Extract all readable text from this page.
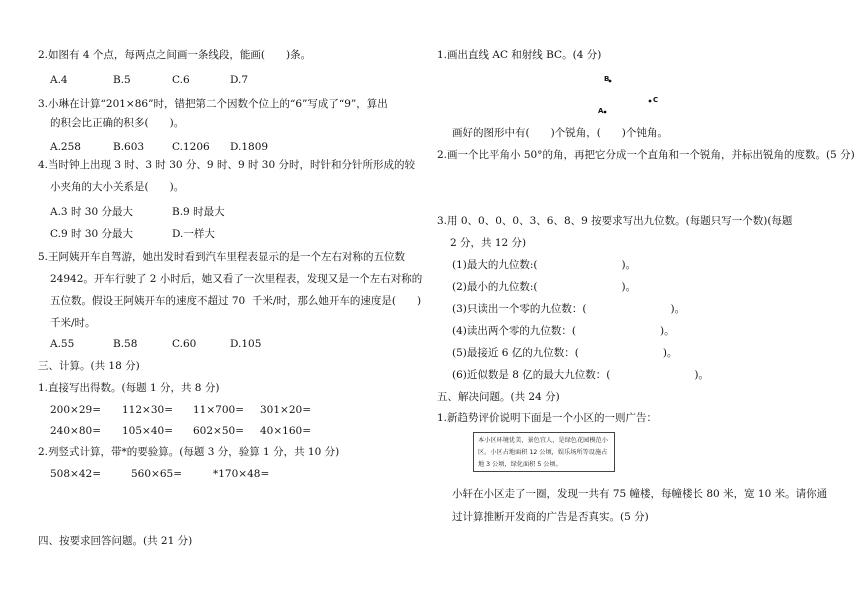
2.如图有 4 个点，每两点之间画一条线段，能画(　　)条。
A.4	B.5	C.6	D.7
3.小琳在计算“201×86”时，错把第二个因数个位上的“6”写成了“9”，算出
的积会比正确的积多(　　)。
A.258	B.603	C.1206 D.1809
4.当时钟上出现 3 时、3 时 30 分、9 时、9 时 30 分时，时针和分针所形成的较
小夹角的大小关系是(　　)。
A.3 时 30 分最大	B.9 时最大
C.9 时 30 分最大	D.一样大
5.王阿姨开车自驾游，她出发时看到汽车里程表显示的是一个左右对称的五位数
24942。开车行驶了 2 小时后，她又看了一次里程表，发现又是一个左右对称的
五位数。假设王阿姨开车的速度不超过 70  千米/时，那么她开车的速度是(　　)
千米/时。
A.55	B.58	C.60	D.105
三、计算。(共 18 分)
1.直接写出得数。(每题 1 分，共 8 分)
200×29= 112×30= 11×700= 301×20=
240×80= 105×40= 602×50= 40×160=
2.列竖式计算，带*的要验算。(每题 3 分，验算 1 分，共 10 分)
508×42=	560×65=	*170×48=
四、按要求回答问题。(共 21 分)
1.画出直线 AC 和射线 BC。(4 分)
B
C
A
画好的图形中有(　　)个锐角，(　　)个钝角。
2.画一个比平角小 50°的角，再把它分成一个直角和一个锐角，并标出锐角的度数。(5 分)
3.用 0、0、0、0、3、6、8、9 按要求写出九位数。(每题只写一个数)(每题
2 分，共 12 分)
(1)最大的九位数:(　　　　　　　　)。
(2)最小的九位数:(　　　　　　　　)。
(3)只读出一个零的九位数：(　　　　　　　　)。
(4)读出两个零的九位数：(　　　　　　　　)。
(5)最接近 6 亿的九位数：(　　　　　　　　)。
(6)近似数是 8 亿的最大九位数：(　　　　　　　　)。
五、解决问题。(共 24 分)
1.新趋势评价说明下面是一个小区的一则广告：
本小区环境优美，景色宜人，是绿色花园模范小
区。小区占地面积 12 公顷，娱乐场所等设施占
地 3 公顷，绿化面积 5 公顷。
小轩在小区走了一圈，发现一共有 75 幢楼，每幢楼长 80 米，宽 10 米。请你通
过计算推断开发商的广告是否真实。(5 分)
